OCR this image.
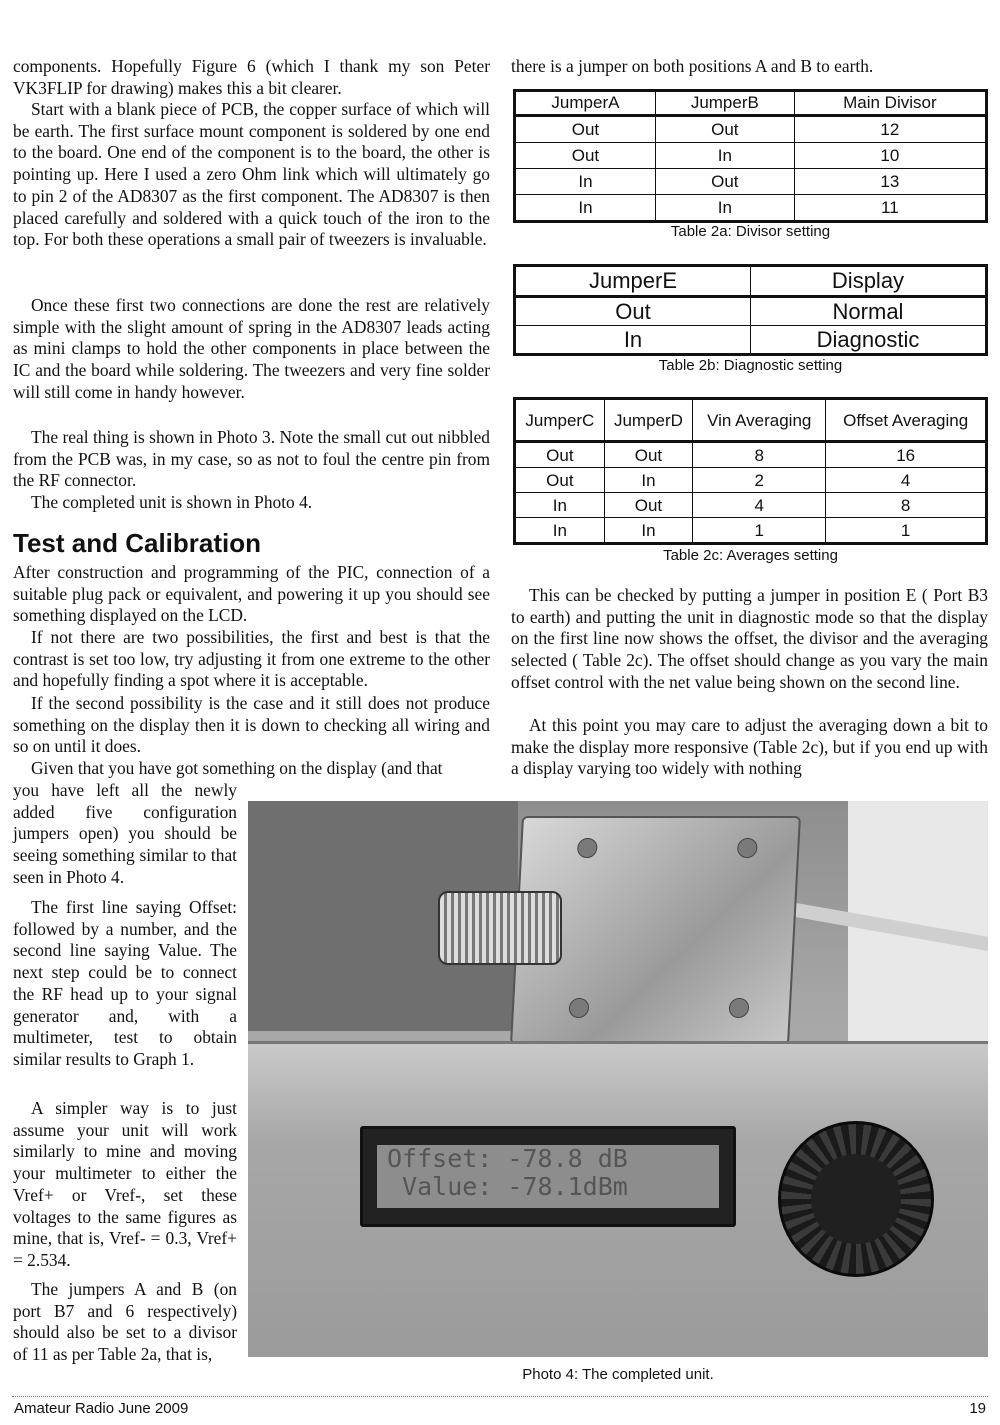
components. Hopefully Figure 6 (which I thank my son Peter VK3FLIP for drawing) makes this a bit clearer.

Start with a blank piece of PCB, the copper surface of which will be earth. The first surface mount component is soldered by one end to the board. One end of the component is to the board, the other is pointing up. Here I used a zero Ohm link which will ultimately go to pin 2 of the AD8307 as the first component. The AD8307 is then placed carefully and soldered with a quick touch of the iron to the top. For both these operations a small pair of tweezers is invaluable.

Once these first two connections are done the rest are relatively simple with the slight amount of spring in the AD8307 leads acting as mini clamps to hold the other components in place between the IC and the board while soldering. The tweezers and very fine solder will still come in handy however.

The real thing is shown in Photo 3. Note the small cut out nibbled from the PCB was, in my case, so as not to foul the centre pin from the RF connector.

The completed unit is shown in Photo 4.

Test and Calibration

After construction and programming of the PIC, connection of a suitable plug pack or equivalent, and powering it up you should see something displayed on the LCD.

If not there are two possibilities, the first and best is that the contrast is set too low, try adjusting it from one extreme to the other and hopefully finding a spot where it is acceptable.

If the second possibility is the case and it still does not produce something on the display then it is down to checking all wiring and so on until it does.

Given that you have got something on the display (and that

you have left all the newly added five configuration jumpers open) you should be seeing something similar to that seen in Photo 4.

The first line saying Offset: followed by a number, and the second line saying Value. The next step could be to connect the RF head up to your signal generator and, with a multimeter, test to obtain similar results to Graph 1.

A simpler way is to just assume your unit will work similarly to mine and moving your multimeter to either the Vref+ or Vref-, set these voltages to the same figures as mine, that is, Vref- = 0.3, Vref+ = 2.534.

The jumpers A and B (on port B7 and 6 respectively) should also be set to a divisor of 11 as per Table 2a, that is,

there is a jumper on both positions A and B to earth.

JumperA	JumperB	Main Divisor
Out	Out	12
Out	In	10
In	Out	13
In	In	11
Table 2a: Divisor setting
JumperE	Display
Out	Normal
In	Diagnostic
Table 2b: Diagnostic setting
JumperC	JumperD	Vin Averaging	Offset Averaging
Out	Out	8	16
Out	In	2	4
In	Out	4	8
In	In	1	1
Table 2c: Averages setting

This can be checked by putting a jumper in position E ( Port B3 to earth) and putting the unit in diagnostic mode so that the display on the first line now shows the offset, the divisor and the averaging selected ( Table 2c). The offset should change as you vary the main offset control with the net value being shown on the second line.

At this point you may care to adjust the averaging down a bit to make the display more responsive (Table 2c), but if you end up with a display varying too widely with nothing

Offset: -78.8 dB
Value: -78.1dBm
Photo 4: The completed unit.
Amateur Radio June 2009	19
